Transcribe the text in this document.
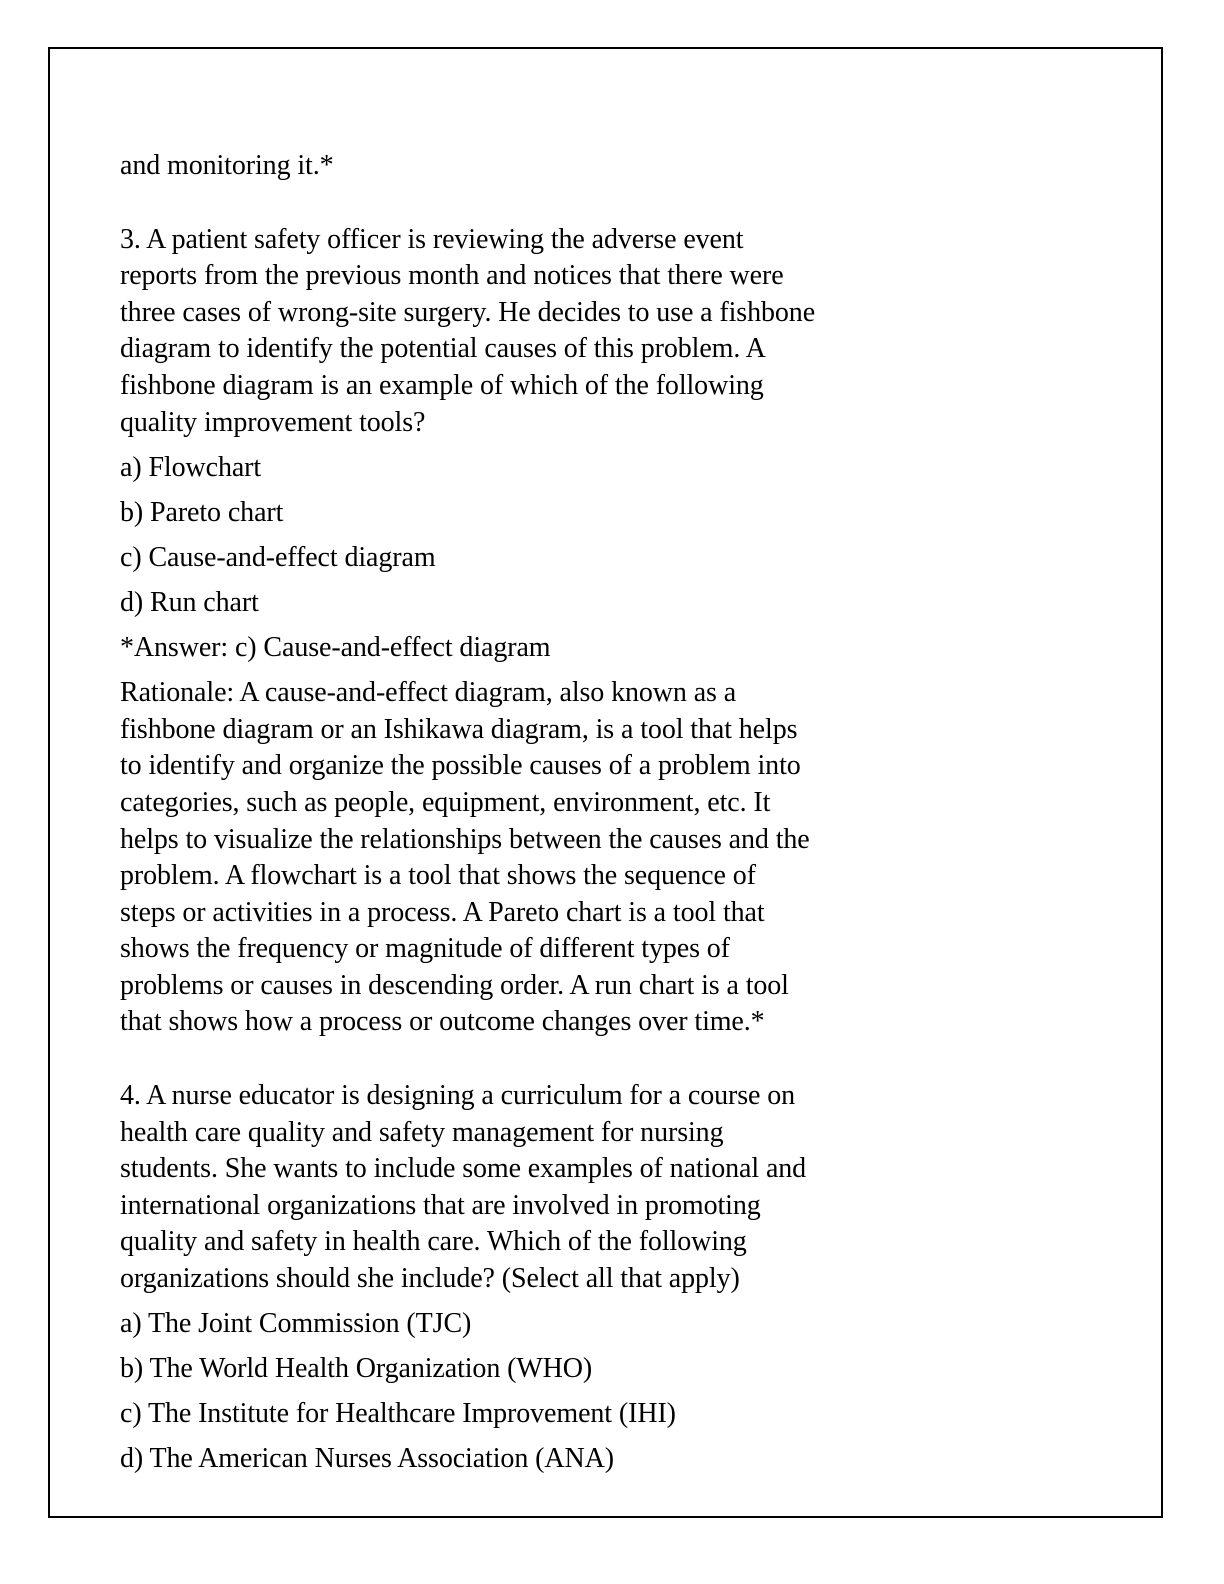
and monitoring it.*

3. A patient safety officer is reviewing the adverse event
reports from the previous month and notices that there were
three cases of wrong-site surgery. He decides to use a fishbone
diagram to identify the potential causes of this problem. A
fishbone diagram is an example of which of the following
quality improvement tools?

a) Flowchart

b) Pareto chart

c) Cause-and-effect diagram

d) Run chart

*Answer: c) Cause-and-effect diagram

Rationale: A cause-and-effect diagram, also known as a
fishbone diagram or an Ishikawa diagram, is a tool that helps
to identify and organize the possible causes of a problem into
categories, such as people, equipment, environment, etc. It
helps to visualize the relationships between the causes and the
problem. A flowchart is a tool that shows the sequence of
steps or activities in a process. A Pareto chart is a tool that
shows the frequency or magnitude of different types of
problems or causes in descending order. A run chart is a tool
that shows how a process or outcome changes over time.*

4. A nurse educator is designing a curriculum for a course on
health care quality and safety management for nursing
students. She wants to include some examples of national and
international organizations that are involved in promoting
quality and safety in health care. Which of the following
organizations should she include? (Select all that apply)

a) The Joint Commission (TJC)

b) The World Health Organization (WHO)

c) The Institute for Healthcare Improvement (IHI)

d) The American Nurses Association (ANA)
